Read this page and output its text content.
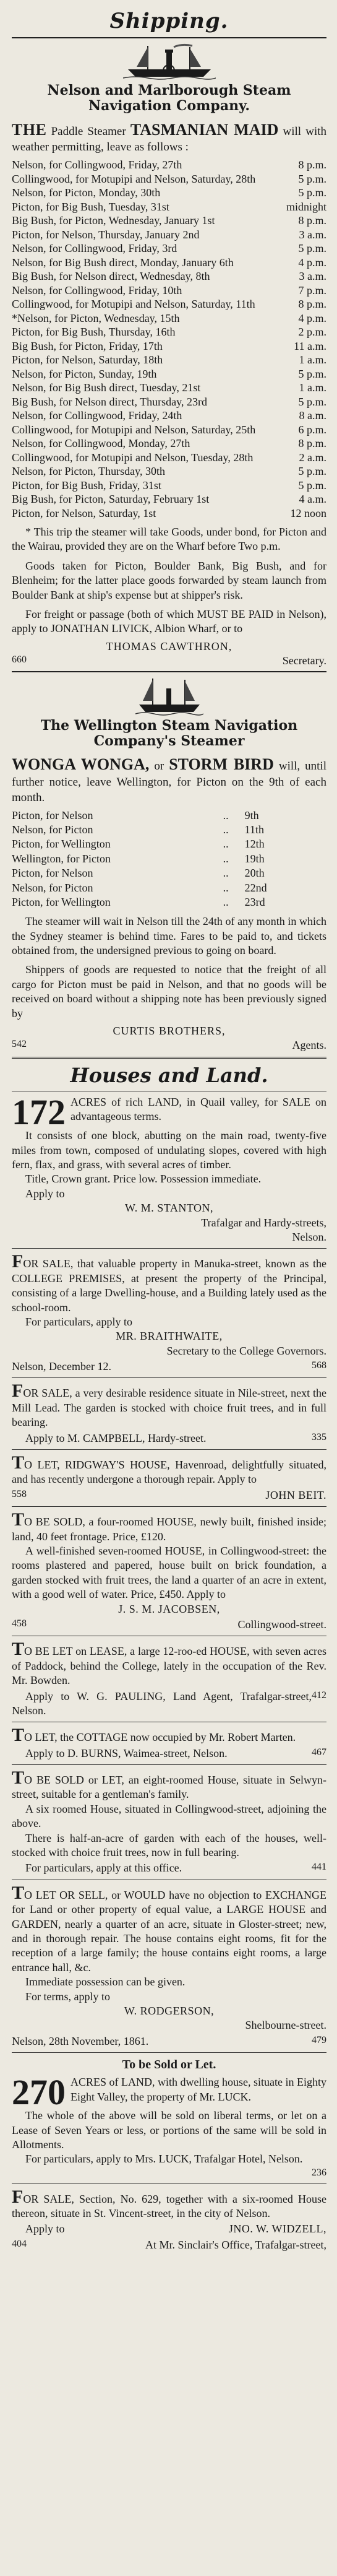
Shipping.
Nelson and Marlborough Steam Navigation Company.

THE Paddle Steamer TASMANIAN MAID will with weather permitting, leave as follows :

Nelson, for Collingwood, Friday, 27th	8 p.m.
Collingwood, for Motupipi and Nelson, Saturday, 28th	5 p.m.
Nelson, for Picton, Monday, 30th	5 p.m.
Picton, for Big Bush, Tuesday, 31st	midnight
Big Bush, for Picton, Wednesday, January 1st	8 p.m.
Picton, for Nelson, Thursday, January 2nd	3 a.m.
Nelson, for Collingwood, Friday, 3rd	5 p.m.
Nelson, for Big Bush direct, Monday, January 6th	4 p.m.
Big Bush, for Nelson direct, Wednesday, 8th	3 a.m.
Nelson, for Collingwood, Friday, 10th	7 p.m.
Collingwood, for Motupipi and Nelson, Saturday, 11th	8 p.m.
*Nelson, for Picton, Wednesday, 15th	4 p.m.
Picton, for Big Bush, Thursday, 16th	2 p.m.
Big Bush, for Picton, Friday, 17th	11 a.m.
Picton, for Nelson, Saturday, 18th	1 a.m.
Nelson, for Picton, Sunday, 19th	5 p.m.
Nelson, for Big Bush direct, Tuesday, 21st	1 a.m.
Big Bush, for Nelson direct, Thursday, 23rd	5 p.m.
Nelson, for Collingwood, Friday, 24th	8 a.m.
Collingwood, for Motupipi and Nelson, Saturday, 25th	6 p.m.
Nelson, for Collingwood, Monday, 27th	8 p.m.
Collingwood, for Motupipi and Nelson, Tuesday, 28th	2 a.m.
Nelson, for Picton, Thursday, 30th	5 p.m.
Picton, for Big Bush, Friday, 31st	5 p.m.
Big Bush, for Picton, Saturday, February 1st	4 a.m.
Picton, for Nelson, Saturday, 1st	12 noon

* This trip the steamer will take Goods, under bond, for Picton and the Wairau, provided they are on the Wharf before Two p.m.

Goods taken for Picton, Boulder Bank, Big Bush, and for Blenheim; for the latter place goods forwarded by steam launch from Boulder Bank at ship's expense but at shipper's risk.

For freight or passage (both of which MUST BE PAID in Nelson), apply to JONATHAN LIVICK, Albion Wharf, or to

THOMAS CAWTHRON,
660	Secretary.
The Wellington Steam Navigation Company's Steamer

WONGA WONGA, or STORM BIRD will, until further notice, leave Wellington, for Picton on the 9th of each month.

Picton, for Nelson	..	9th
Nelson, for Picton	..	11th
Picton, for Wellington	..	12th
Wellington, for Picton	..	19th
Picton, for Nelson	..	20th
Nelson, for Picton	..	22nd
Picton, for Wellington	..	23rd

The steamer will wait in Nelson till the 24th of any month in which the Sydney steamer is behind time. Fares to be paid to, and tickets obtained from, the undersigned previous to going on board.

Shippers of goods are requested to notice that the freight of all cargo for Picton must be paid in Nelson, and that no goods will be received on board without a shipping note has been previously signed by

CURTIS BROTHERS,
542	Agents.
Houses and Land.
172 ACRES of rich LAND, in Quail valley, for SALE on advantageous terms.

It consists of one block, abutting on the main road, twenty-five miles from town, composed of undulating slopes, covered with high fern, flax, and grass, with several acres of timber.

Title, Crown grant. Price low. Possession immediate.

Apply to

W. M. STANTON,

Trafalgar and Hardy-streets,

Nelson.

FOR SALE, that valuable property in Manuka-street, known as the COLLEGE PREMISES, at present the property of the Principal, consisting of a large Dwelling-house, and a Building lately used as the school-room.

For particulars, apply to

MR. BRAITHWAITE,

Secretary to the College Governors.

Nelson, December 12.	568

FOR SALE, a very desirable residence situate in Nile-street, next the Mill Lead. The garden is stocked with choice fruit trees, and in full bearing.

Apply to M. CAMPBELL, Hardy-street.	335

TO LET, RIDGWAY'S HOUSE, Havenroad, delightfully situated, and has recently undergone a thorough repair. Apply to

558	JOHN BEIT.

TO BE SOLD, a four-roomed HOUSE, newly built, finished inside; land, 40 feet frontage. Price, £120.

A well-finished seven-roomed HOUSE, in Collingwood-street: the rooms plastered and papered, house built on brick foundation, a garden stocked with fruit trees, the land a quarter of an acre in extent, with a good well of water. Price, £450. Apply to

J. S. M. JACOBSEN,

458	Collingwood-street.

TO BE LET on LEASE, a large 12-roo-ed HOUSE, with seven acres of Paddock, behind the College, lately in the occupation of the Rev. Mr. Bowden.

Apply to W. G. PAULING, Land Agent, Trafalgar-street, Nelson.
412

TO LET, the COTTAGE now occupied by Mr. Robert Marten.

Apply to D. BURNS, Waimea-street, Nelson.	467

TO BE SOLD or LET, an eight-roomed House, situate in Selwyn-street, suitable for a gentleman's family.

A six roomed House, situated in Collingwood-street, adjoining the above.

There is half-an-acre of garden with each of the houses, well-stocked with choice fruit trees, now in full bearing.

For particulars, apply at this office.	441

TO LET OR SELL, or WOULD have no objection to EXCHANGE for Land or other property of equal value, a LARGE HOUSE and GARDEN, nearly a quarter of an acre, situate in Gloster-street; new, and in thorough repair. The house contains eight rooms, fit for the reception of a large family; the house contains eight rooms, a large entrance hall, &c.

Immediate possession can be given.

For terms, apply to

W. RODGERSON,

Shelbourne-street.

Nelson, 28th November, 1861.	479
To be Sold or Let.
270 ACRES of LAND, with dwelling house, situate in Eighty Eight Valley, the property of Mr. LUCK.

The whole of the above will be sold on liberal terms, or let on a Lease of Seven Years or less, or portions of the same will be sold in Allotments.

For particulars, apply to Mrs. LUCK, Trafalgar Hotel, Nelson.

236

FOR SALE, Section, No. 629, together with a six-roomed House thereon, situate in St. Vincent-street, in the city of Nelson.

Apply to	JNO. W. WIDZELL,
404	At Mr. Sinclair's Office, Trafalgar-street,
